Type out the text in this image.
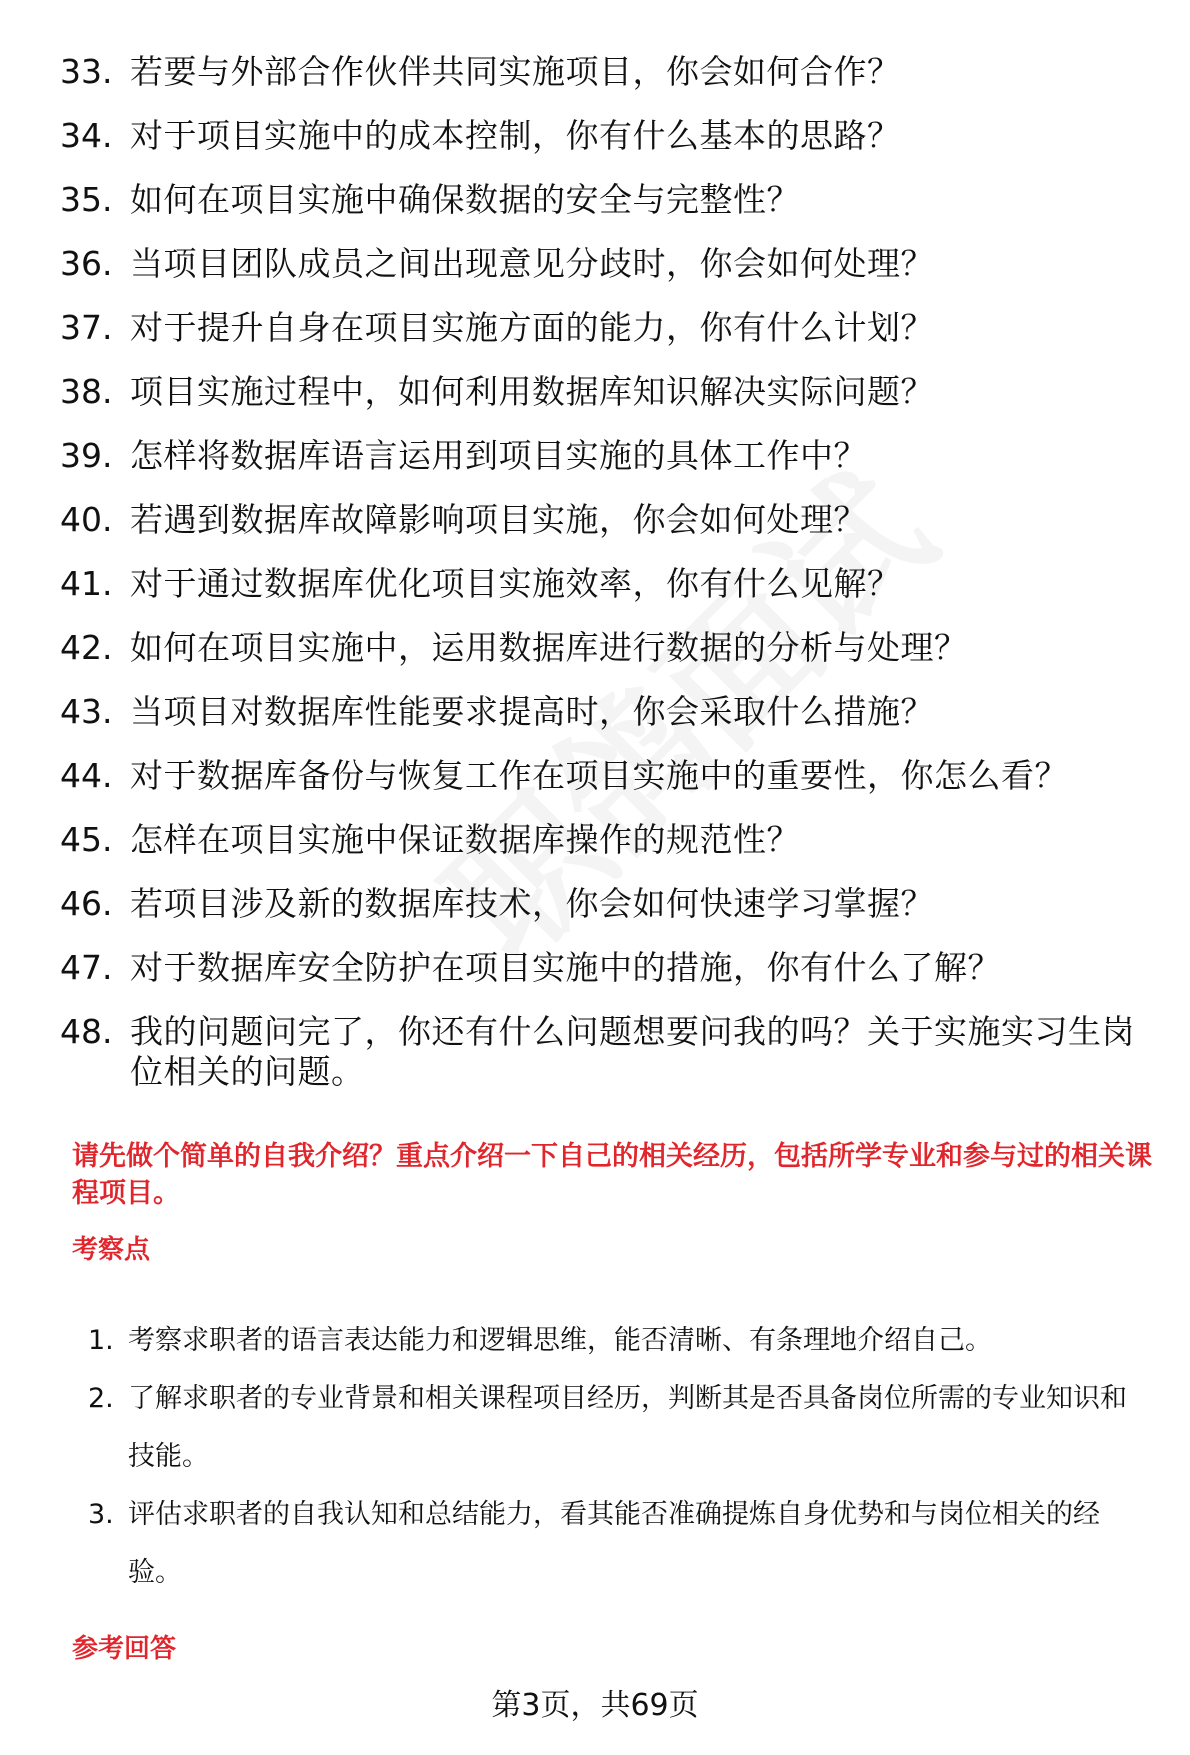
33. 若要与外部合作伙伴共同实施项目，你会如何合作？
34. 对于项目实施中的成本控制，你有什么基本的思路？
35. 如何在项目实施中确保数据的安全与完整性？
36. 当项目团队成员之间出现意见分歧时，你会如何处理？
37. 对于提升自身在项目实施方面的能力，你有什么计划？
38. 项目实施过程中，如何利用数据库知识解决实际问题？
39. 怎样将数据库语言运用到项目实施的具体工作中？
40. 若遇到数据库故障影响项目实施，你会如何处理？
41. 对于通过数据库优化项目实施效率，你有什么见解？
42. 如何在项目实施中，运用数据库进行数据的分析与处理？
43. 当项目对数据库性能要求提高时，你会采取什么措施？
44. 对于数据库备份与恢复工作在项目实施中的重要性，你怎么看？
45. 怎样在项目实施中保证数据库操作的规范性？
46. 若项目涉及新的数据库技术，你会如何快速学习掌握？
47. 对于数据库安全防护在项目实施中的措施，你有什么了解？
48. 我的问题问完了，你还有什么问题想要问我的吗？关于实施实习生岗位相关的问题。
请先做个简单的自我介绍？重点介绍一下自己的相关经历，包括所学专业和参与过的相关课程项目。
考察点
1. 考察求职者的语言表达能力和逻辑思维，能否清晰、有条理地介绍自己。
2. 了解求职者的专业背景和相关课程项目经历，判断其是否具备岗位所需的专业知识和技能。
3. 评估求职者的自我认知和总结能力，看其能否准确提炼自身优势和与岗位相关的经验。
参考回答
第3页，共69页
